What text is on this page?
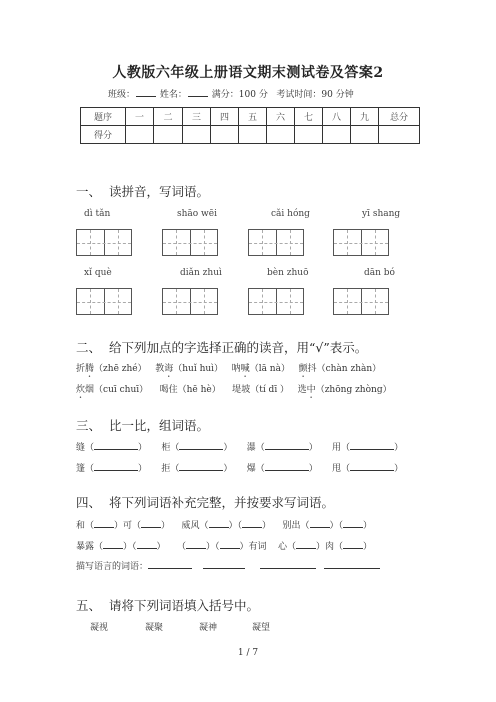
人教版六年级上册语文期末测试卷及答案2
班级：	姓名：	满分：100 分 考试时间：90 分钟
题序	一	二	三	四	五	六	七	八	九	总分
得分										
一、 读拼音，写词语。
dì tǎn	shāo wēi	cǎi hóng	yī shang
xǐ què	diǎn zhuì	bèn zhuō	dān bó
二、 给下列加点的字选择正确的读音，用“√”表示。
折腾（zhē zhé） 教诲（huǐ huì） 呐喊（lā nà） 颤抖（chàn zhàn）
炊烟（cuī chuī） 喝住（hē hè） 堤坡（tí dī ） 选中（zhōng zhòng）
三、 比一比，组词语。
缝（	）     柜（	）     瀑（	）     用（	）
篷（	）     拒（	）     爆（	）     甩（	）
四、 将下列词语补充完整，并按要求写词语。
和（ ）可（ ） 威风（ ）（ ） 别出（ ）（ ）
暴露（ ）（ ） （ ）（ ）有词 心（ ）肉（ ）
描写语言的词语：
五、 请将下列词语填入括号中。
凝视	凝聚	凝神	凝望
1 / 7
